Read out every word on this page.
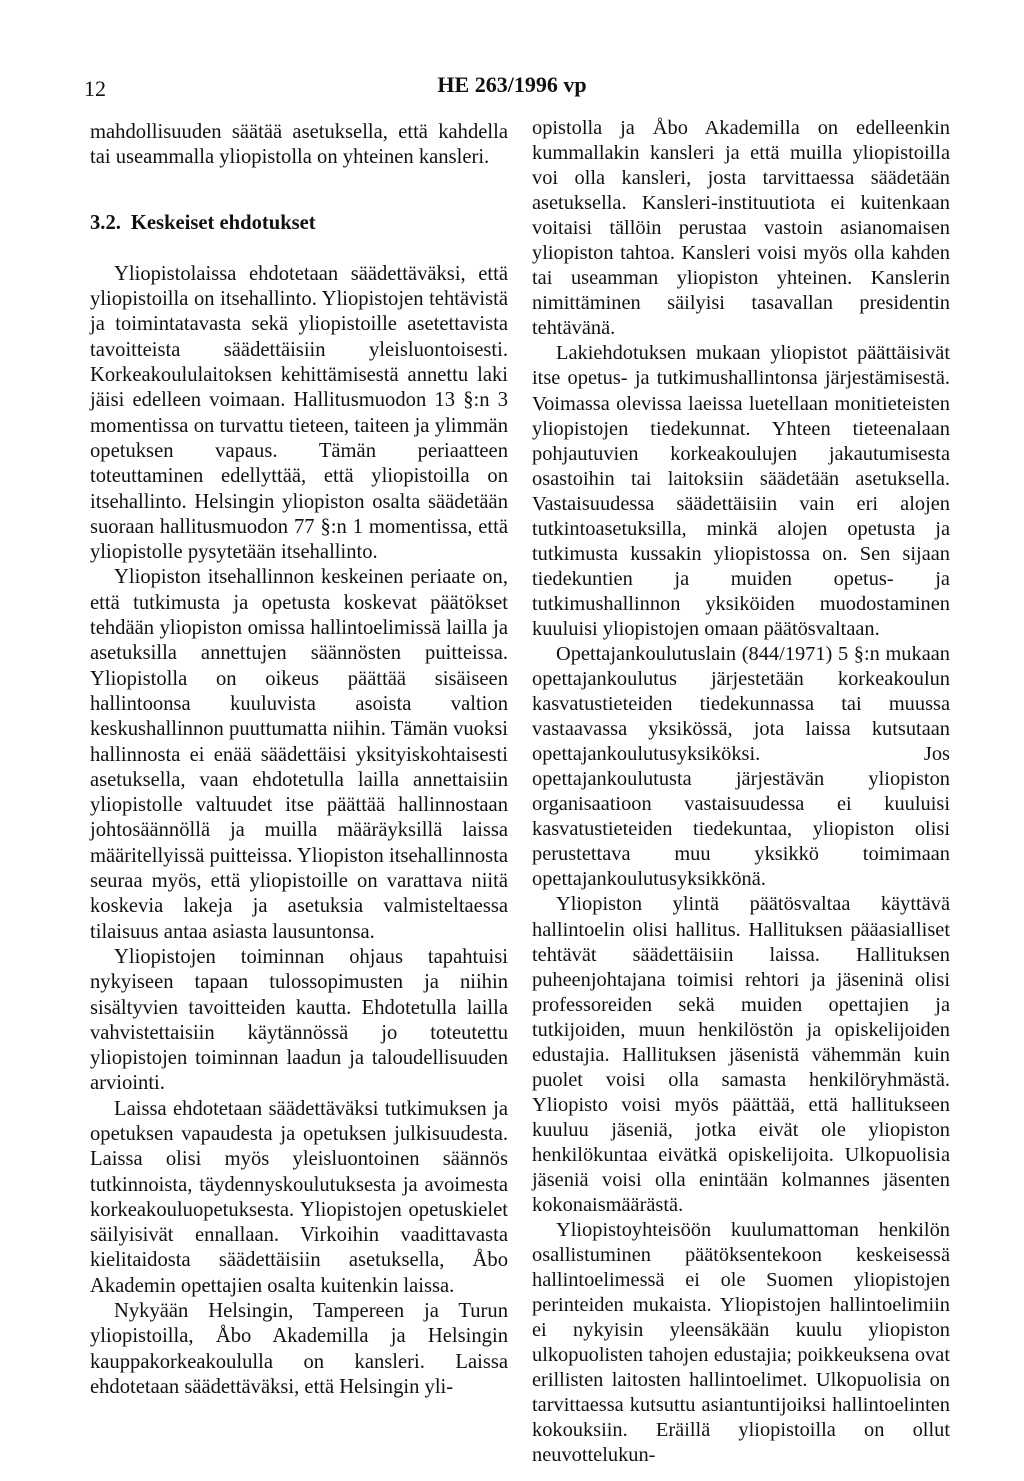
12	HE 263/1996 vp

mahdollisuuden säätää asetuksella, että kahdella tai useammalla yliopistolla on yhteinen kansleri.

3.2. Keskeiset ehdotukset

Yliopistolaissa ehdotetaan säädettäväksi, että yliopistoilla on itsehallinto. Yliopistojen tehtävistä ja toimintatavasta sekä yliopistoille asetettavista tavoitteista säädettäisiin yleisluontoisesti. Korkeakoululaitoksen kehittämisestä annettu laki jäisi edelleen voimaan. Hallitusmuodon 13 §:n 3 momentissa on turvattu tieteen, taiteen ja ylimmän opetuksen vapaus. Tämän periaatteen toteuttaminen edellyttää, että yliopistoilla on itsehallinto. Helsingin yliopiston osalta säädetään suoraan hallitusmuodon 77 §:n 1 momentissa, että yliopistolle pysytetään itsehallinto.

Yliopiston itsehallinnon keskeinen periaate on, että tutkimusta ja opetusta koskevat päätökset tehdään yliopiston omissa hallintoelimissä lailla ja asetuksilla annettujen säännösten puitteissa. Yliopistolla on oikeus päättää sisäiseen hallintoonsa kuuluvista asoista valtion keskushallinnon puuttumatta niihin. Tämän vuoksi hallinnosta ei enää säädettäisi yksityiskohtaisesti asetuksella, vaan ehdotetulla lailla annettaisiin yliopistolle valtuudet itse päättää hallinnostaan johtosäännöllä ja muilla määräyksillä laissa määritellyissä puitteissa. Yliopiston itsehallinnosta seuraa myös, että yliopistoille on varattava niitä koskevia lakeja ja asetuksia valmisteltaessa tilaisuus antaa asiasta lausuntonsa.

Yliopistojen toiminnan ohjaus tapahtuisi nykyiseen tapaan tulossopimusten ja niihin sisältyvien tavoitteiden kautta. Ehdotetulla lailla vahvistettaisiin käytännössä jo toteutettu yliopistojen toiminnan laadun ja taloudellisuuden arviointi.

Laissa ehdotetaan säädettäväksi tutkimuksen ja opetuksen vapaudesta ja opetuksen julkisuudesta. Laissa olisi myös yleisluontoinen säännös tutkinnoista, täydennyskoulutuksesta ja avoimesta korkeakouluopetuksesta. Yliopistojen opetuskielet säilyisivät ennallaan. Virkoihin vaadittavasta kielitaidosta säädettäisiin asetuksella, Åbo Akademin opettajien osalta kuitenkin laissa.

Nykyään Helsingin, Tampereen ja Turun yliopistoilla, Åbo Akademilla ja Helsingin kauppakorkeakoululla on kansleri. Laissa ehdotetaan säädettäväksi, että Helsingin yli-

opistolla ja Åbo Akademilla on edelleenkin kummallakin kansleri ja että muilla yliopistoilla voi olla kansleri, josta tarvittaessa säädetään asetuksella. Kansleri-instituutiota ei kuitenkaan voitaisi tällöin perustaa vastoin asianomaisen yliopiston tahtoa. Kansleri voisi myös olla kahden tai useamman yliopiston yhteinen. Kanslerin nimittäminen säilyisi tasavallan presidentin tehtävänä.

Lakiehdotuksen mukaan yliopistot päättäisivät itse opetus- ja tutkimushallintonsa järjestämisestä. Voimassa olevissa laeissa luetellaan monitieteisten yliopistojen tiedekunnat. Yhteen tieteenalaan pohjautuvien korkeakoulujen jakautumisesta osastoihin tai laitoksiin säädetään asetuksella. Vastaisuudessa säädettäisiin vain eri alojen tutkintoasetuksilla, minkä alojen opetusta ja tutkimusta kussakin yliopistossa on. Sen sijaan tiedekuntien ja muiden opetus- ja tutkimushallinnon yksiköiden muodostaminen kuuluisi yliopistojen omaan päätösvaltaan.

Opettajankoulutuslain (844/1971) 5 §:n mukaan opettajankoulutus järjestetään korkeakoulun kasvatustieteiden tiedekunnassa tai muussa vastaavassa yksikössä, jota laissa kutsutaan opettajankoulutusyksiköksi. Jos opettajankoulutusta järjestävän yliopiston organisaatioon vastaisuudessa ei kuuluisi kasvatustieteiden tiedekuntaa, yliopiston olisi perustettava muu yksikkö toimimaan opettajankoulutusyksikkönä.

Yliopiston ylintä päätösvaltaa käyttävä hallintoelin olisi hallitus. Hallituksen pääasialliset tehtävät säädettäisiin laissa. Hallituksen puheenjohtajana toimisi rehtori ja jäseninä olisi professoreiden sekä muiden opettajien ja tutkijoiden, muun henkilöstön ja opiskelijoiden edustajia. Hallituksen jäsenistä vähemmän kuin puolet voisi olla samasta henkilöryhmästä. Yliopisto voisi myös päättää, että hallitukseen kuuluu jäseniä, jotka eivät ole yliopiston henkilökuntaa eivätkä opiskelijoita. Ulkopuolisia jäseniä voisi olla enintään kolmannes jäsenten kokonaismäärästä.

Yliopistoyhteisöön kuulumattoman henkilön osallistuminen päätöksentekoon keskeisessä hallintoelimessä ei ole Suomen yliopistojen perinteiden mukaista. Yliopistojen hallintoelimiin ei nykyisin yleensäkään kuulu yliopiston ulkopuolisten tahojen edustajia; poikkeuksena ovat erillisten laitosten hallintoelimet. Ulkopuolisia on tarvittaessa kutsuttu asiantuntijoiksi hallintoelinten kokouksiin. Eräillä yliopistoilla on ollut neuvottelukun-
